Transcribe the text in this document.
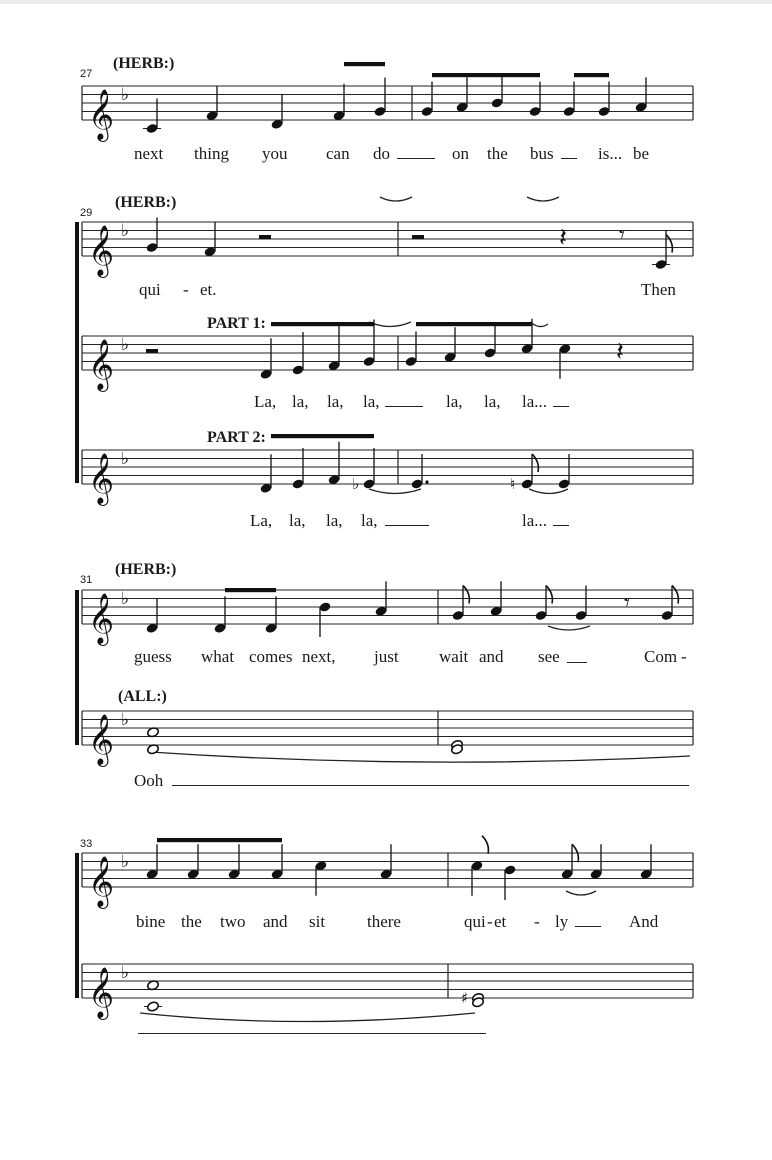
𝄞 ♭
𝄞 ♭
𝄞 ♭
𝄞 ♭
𝄞 ♭
𝄞 ♭
𝄞 ♭
𝄞 ♭
𝄽 𝄾
𝄽
♭	♮
𝄾
♯
27
29
31
33
(HERB:)
(HERB:)
PART 1:
PART 2:
(HERB:)
(ALL:)
next thing you can do	on the bus	is... be
qui - et.	Then
La, la, la, la,	la, la, la...
La, la, la, la,	la...
guess what comes next, just wait and see	Com -
Ooh
bine the two and sit there	qui - et - ly	And
